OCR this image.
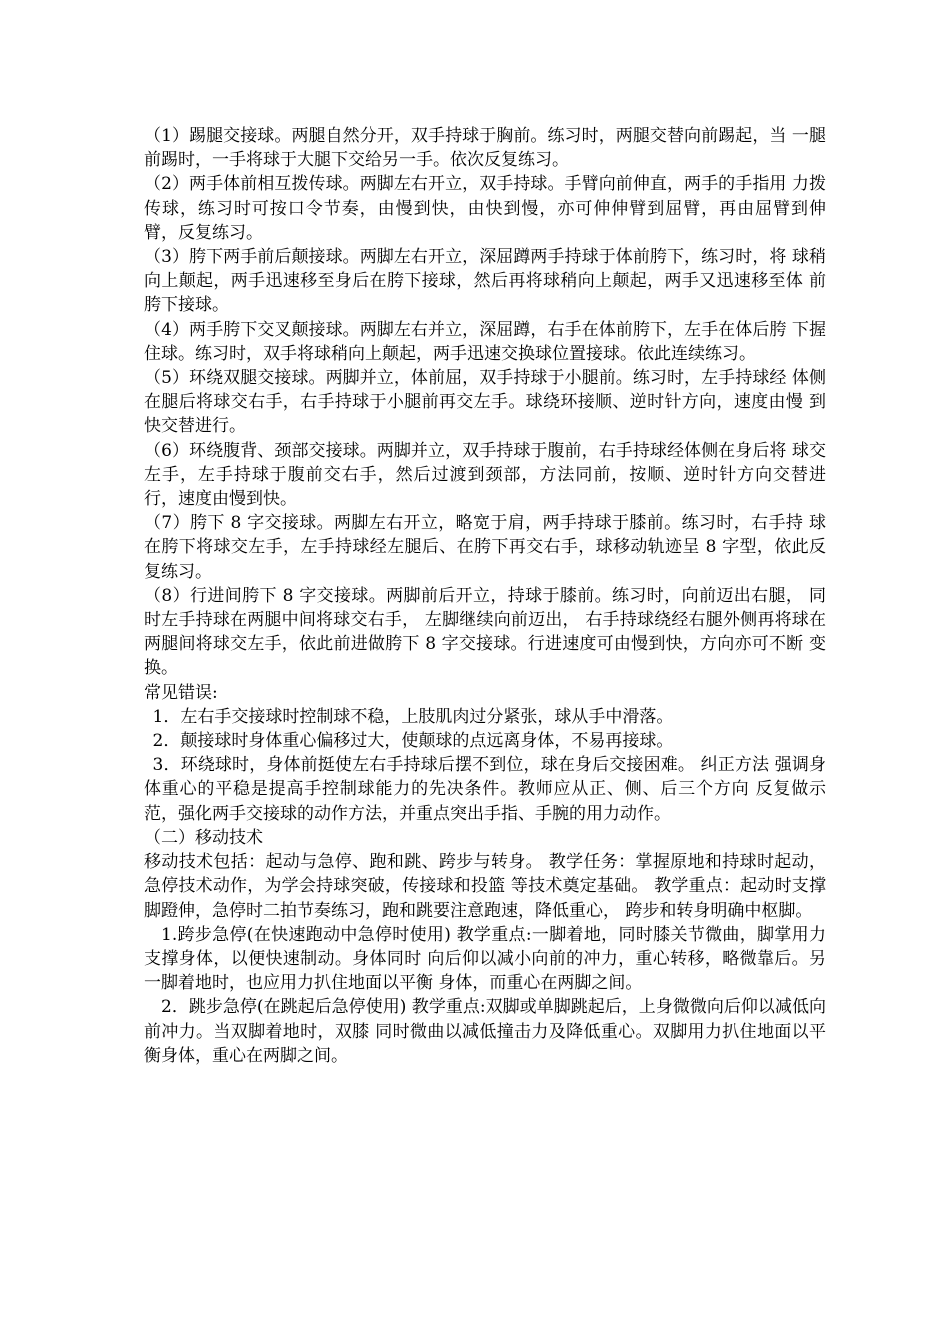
（1）踢腿交接球。两腿自然分开，双手持球于胸前。练习时，两腿交替向前踢起，当 一腿前踢时，一手将球于大腿下交给另一手。依次反复练习。

（2）两手体前相互拨传球。两脚左右开立，双手持球。手臂向前伸直，两手的手指用 力拨传球，练习时可按口令节奏，由慢到快，由快到慢，亦可伸伸臂到屈臂，再由屈臂到伸 臂，反复练习。

（3）胯下两手前后颠接球。两脚左右开立，深屈蹲两手持球于体前胯下，练习时，将 球稍向上颠起，两手迅速移至身后在胯下接球，然后再将球稍向上颠起，两手又迅速移至体 前胯下接球。

（4）两手胯下交叉颠接球。两脚左右并立，深屈蹲，右手在体前胯下，左手在体后胯 下握住球。练习时，双手将球稍向上颠起，两手迅速交换球位置接球。依此连续练习。

（5）环绕双腿交接球。两脚并立，体前屈，双手持球于小腿前。练习时，左手持球经 体侧在腿后将球交右手，右手持球于小腿前再交左手。球绕环接顺、逆时针方向，速度由慢 到快交替进行。

（6）环绕腹背、颈部交接球。两脚并立，双手持球于腹前，右手持球经体侧在身后将 球交左手，左手持球于腹前交右手，然后过渡到颈部，方法同前，按顺、逆时针方向交替进 行，速度由慢到快。

（7）胯下 8 字交接球。两脚左右开立，略宽于肩，两手持球于膝前。练习时，右手持 球在胯下将球交左手，左手持球经左腿后、在胯下再交右手，球移动轨迹呈 8 字型，依此反 复练习。

（8）行进间胯下 8 字交接球。两脚前后开立，持球于膝前。练习时，向前迈出右腿， 同时左手持球在两腿中间将球交右手， 左脚继续向前迈出， 右手持球绕经右腿外侧再将球在 两腿间将球交左手，依此前进做胯下 8 字交接球。行进速度可由慢到快，方向亦可不断 变换。

常见错误:

1．左右手交接球时控制球不稳，上肢肌肉过分紧张，球从手中滑落。

2．颠接球时身体重心偏移过大，使颠球的点远离身体，不易再接球。

3．环绕球时，身体前挺使左右手持球后摆不到位，球在身后交接困难。 纠正方法 强调身体重心的平稳是提高手控制球能力的先决条件。教师应从正、侧、后三个方向 反复做示范，强化两手交接球的动作方法，并重点突出手指、手腕的用力动作。

（二）移动技术

移动技术包括：起动与急停、跑和跳、跨步与转身。 教学任务：掌握原地和持球时起动，急停技术动作，为学会持球突破，传接球和投篮 等技术奠定基础。 教学重点：起动时支撑脚蹬伸，急停时二拍节奏练习，跑和跳要注意跑速，降低重心， 跨步和转身明确中枢脚。

1.跨步急停(在快速跑动中急停时使用) 教学重点:一脚着地，同时膝关节微曲，脚掌用力支撑身体，以便快速制动。身体同时 向后仰以减小向前的冲力，重心转移，略微靠后。另一脚着地时，也应用力扒住地面以平衡 身体，而重心在两脚之间。

2．跳步急停(在跳起后急停使用) 教学重点:双脚或单脚跳起后，上身微微向后仰以减低向前冲力。当双脚着地时，双膝 同时微曲以减低撞击力及降低重心。双脚用力扒住地面以平衡身体，重心在两脚之间。
